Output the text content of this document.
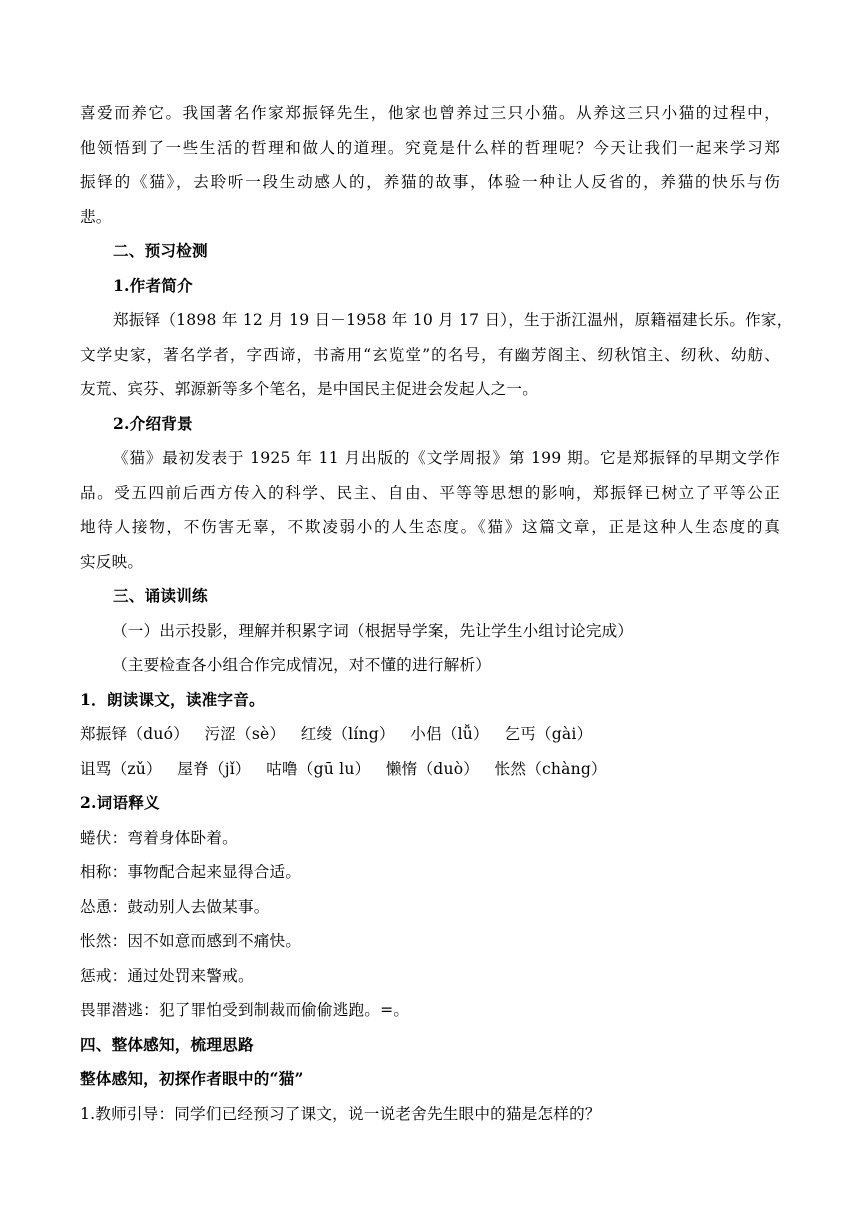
喜爱而养它。我国著名作家郑振铎先生，他家也曾养过三只小猫。从养这三只小猫的过程中，
他领悟到了一些生活的哲理和做人的道理。究竟是什么样的哲理呢？今天让我们一起来学习郑
振铎的《猫》，去聆听一段生动感人的，养猫的故事，体验一种让人反省的，养猫的快乐与伤
悲。
二、预习检测
1.作者简介
郑振铎（1898 年 12 月 19 日－1958 年 10 月 17 日），生于浙江温州，原籍福建长乐。作家，
文学史家，著名学者，字西谛，书斋用“玄览堂”的名号，有幽芳阁主、纫秋馆主、纫秋、幼舫、
友荒、宾芬、郭源新等多个笔名，是中国民主促进会发起人之一。
2.介绍背景
《猫》最初发表于 1925 年 11 月出版的《文学周报》第 199 期。它是郑振铎的早期文学作
品。受五四前后西方传入的科学、民主、自由、平等等思想的影响，郑振铎已树立了平等公正
地待人接物，不伤害无辜，不欺凌弱小的人生态度。《猫》这篇文章，正是这种人生态度的真
实反映。
三、诵读训练
（一）出示投影，理解并积累字词（根据导学案，先让学生小组讨论完成）
（主要检查各小组合作完成情况，对不懂的进行解析）
1．朗读课文，读准字音。
郑振铎（duó） 污涩（sè） 红绫（líng） 小侣（lǚ） 乞丐（gài）
诅骂（zǔ） 屋脊（jǐ） 咕噜（gū lu） 懒惰（duò） 怅然（chàng）
2.词语释义
蜷伏：弯着身体卧着。
相称：事物配合起来显得合适。
怂恿：鼓动别人去做某事。
怅然：因不如意而感到不痛快。
惩戒：通过处罚来警戒。
畏罪潜逃：犯了罪怕受到制裁而偷偷逃跑。=。
四、整体感知，梳理思路
整体感知，初探作者眼中的“猫”
1.教师引导：同学们已经预习了课文，说一说老舍先生眼中的猫是怎样的？
